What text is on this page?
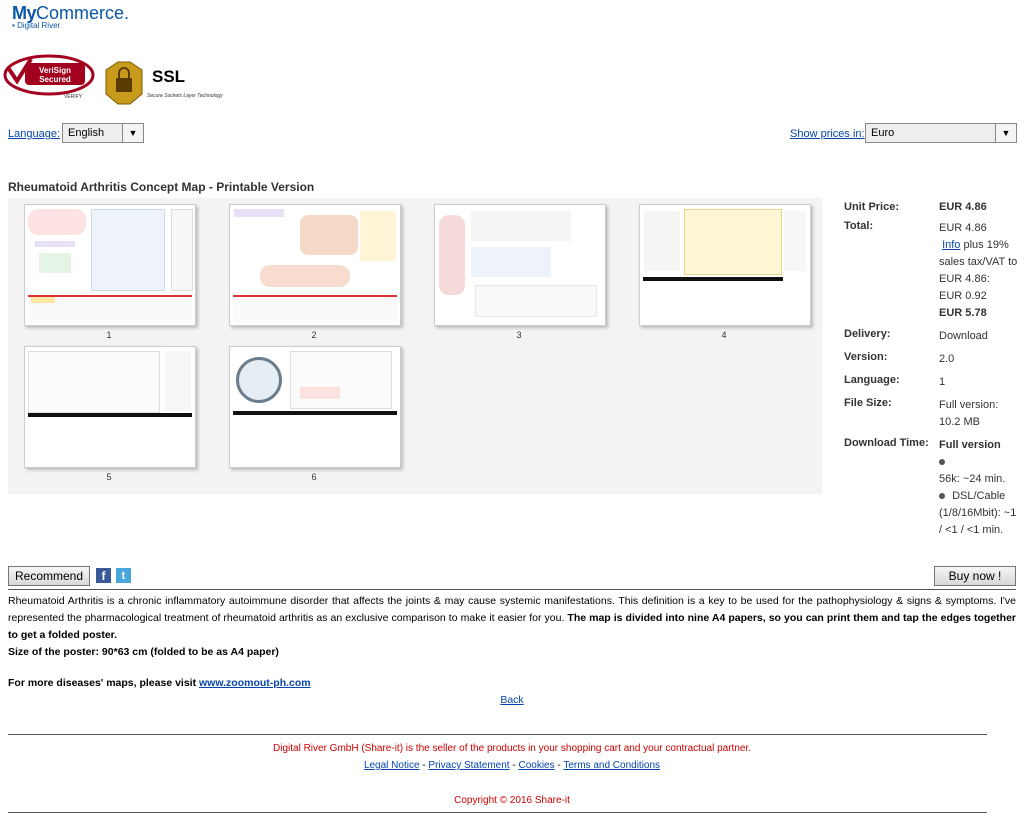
MyCommerce.
▪ Digital River
VeriSign
Secured
VERIFY
SSL
Secure Sockets Layer Technology
Language: English	▼	Show prices in: Euro	▼
Rheumatoid Arthritis Concept Map - Printable Version
1	2	3	4
5	6
Unit Price:	EUR 4.86
Total:	EUR 4.86
Info plus 19% sales tax/VAT to EUR 4.86:
EUR 0.92
EUR 5.78
Delivery:	Download
Version:	2.0
Language:	1
File Size:	Full version: 10.2 MB
Download Time: Full version

56k: ~24 min.
DSL/Cable (1/8/16Mbit): ~1 / <1 / <1 min.
Recommend	f	t	Buy now !
Rheumatoid Arthritis is a chronic inflammatory autoimmune disorder that affects the joints & may cause systemic manifestations. This definition is a key to be used for the pathophysiology & signs & symptoms. I've represented the pharmacological treatment of rheumatoid arthritis as an exclusive comparison to make it easier for you. The map is divided into nine A4 papers, so you can print them and tap the edges together to get a folded poster.
Size of the poster: 90*63 cm (folded to be as A4 paper)
For more diseases' maps, please visit www.zoomout-ph.com
Back
Digital River GmbH (Share-it) is the seller of the products in your shopping cart and your contractual partner.
Legal Notice - Privacy Statement - Cookies - Terms and Conditions
Copyright © 2016 Share-it
